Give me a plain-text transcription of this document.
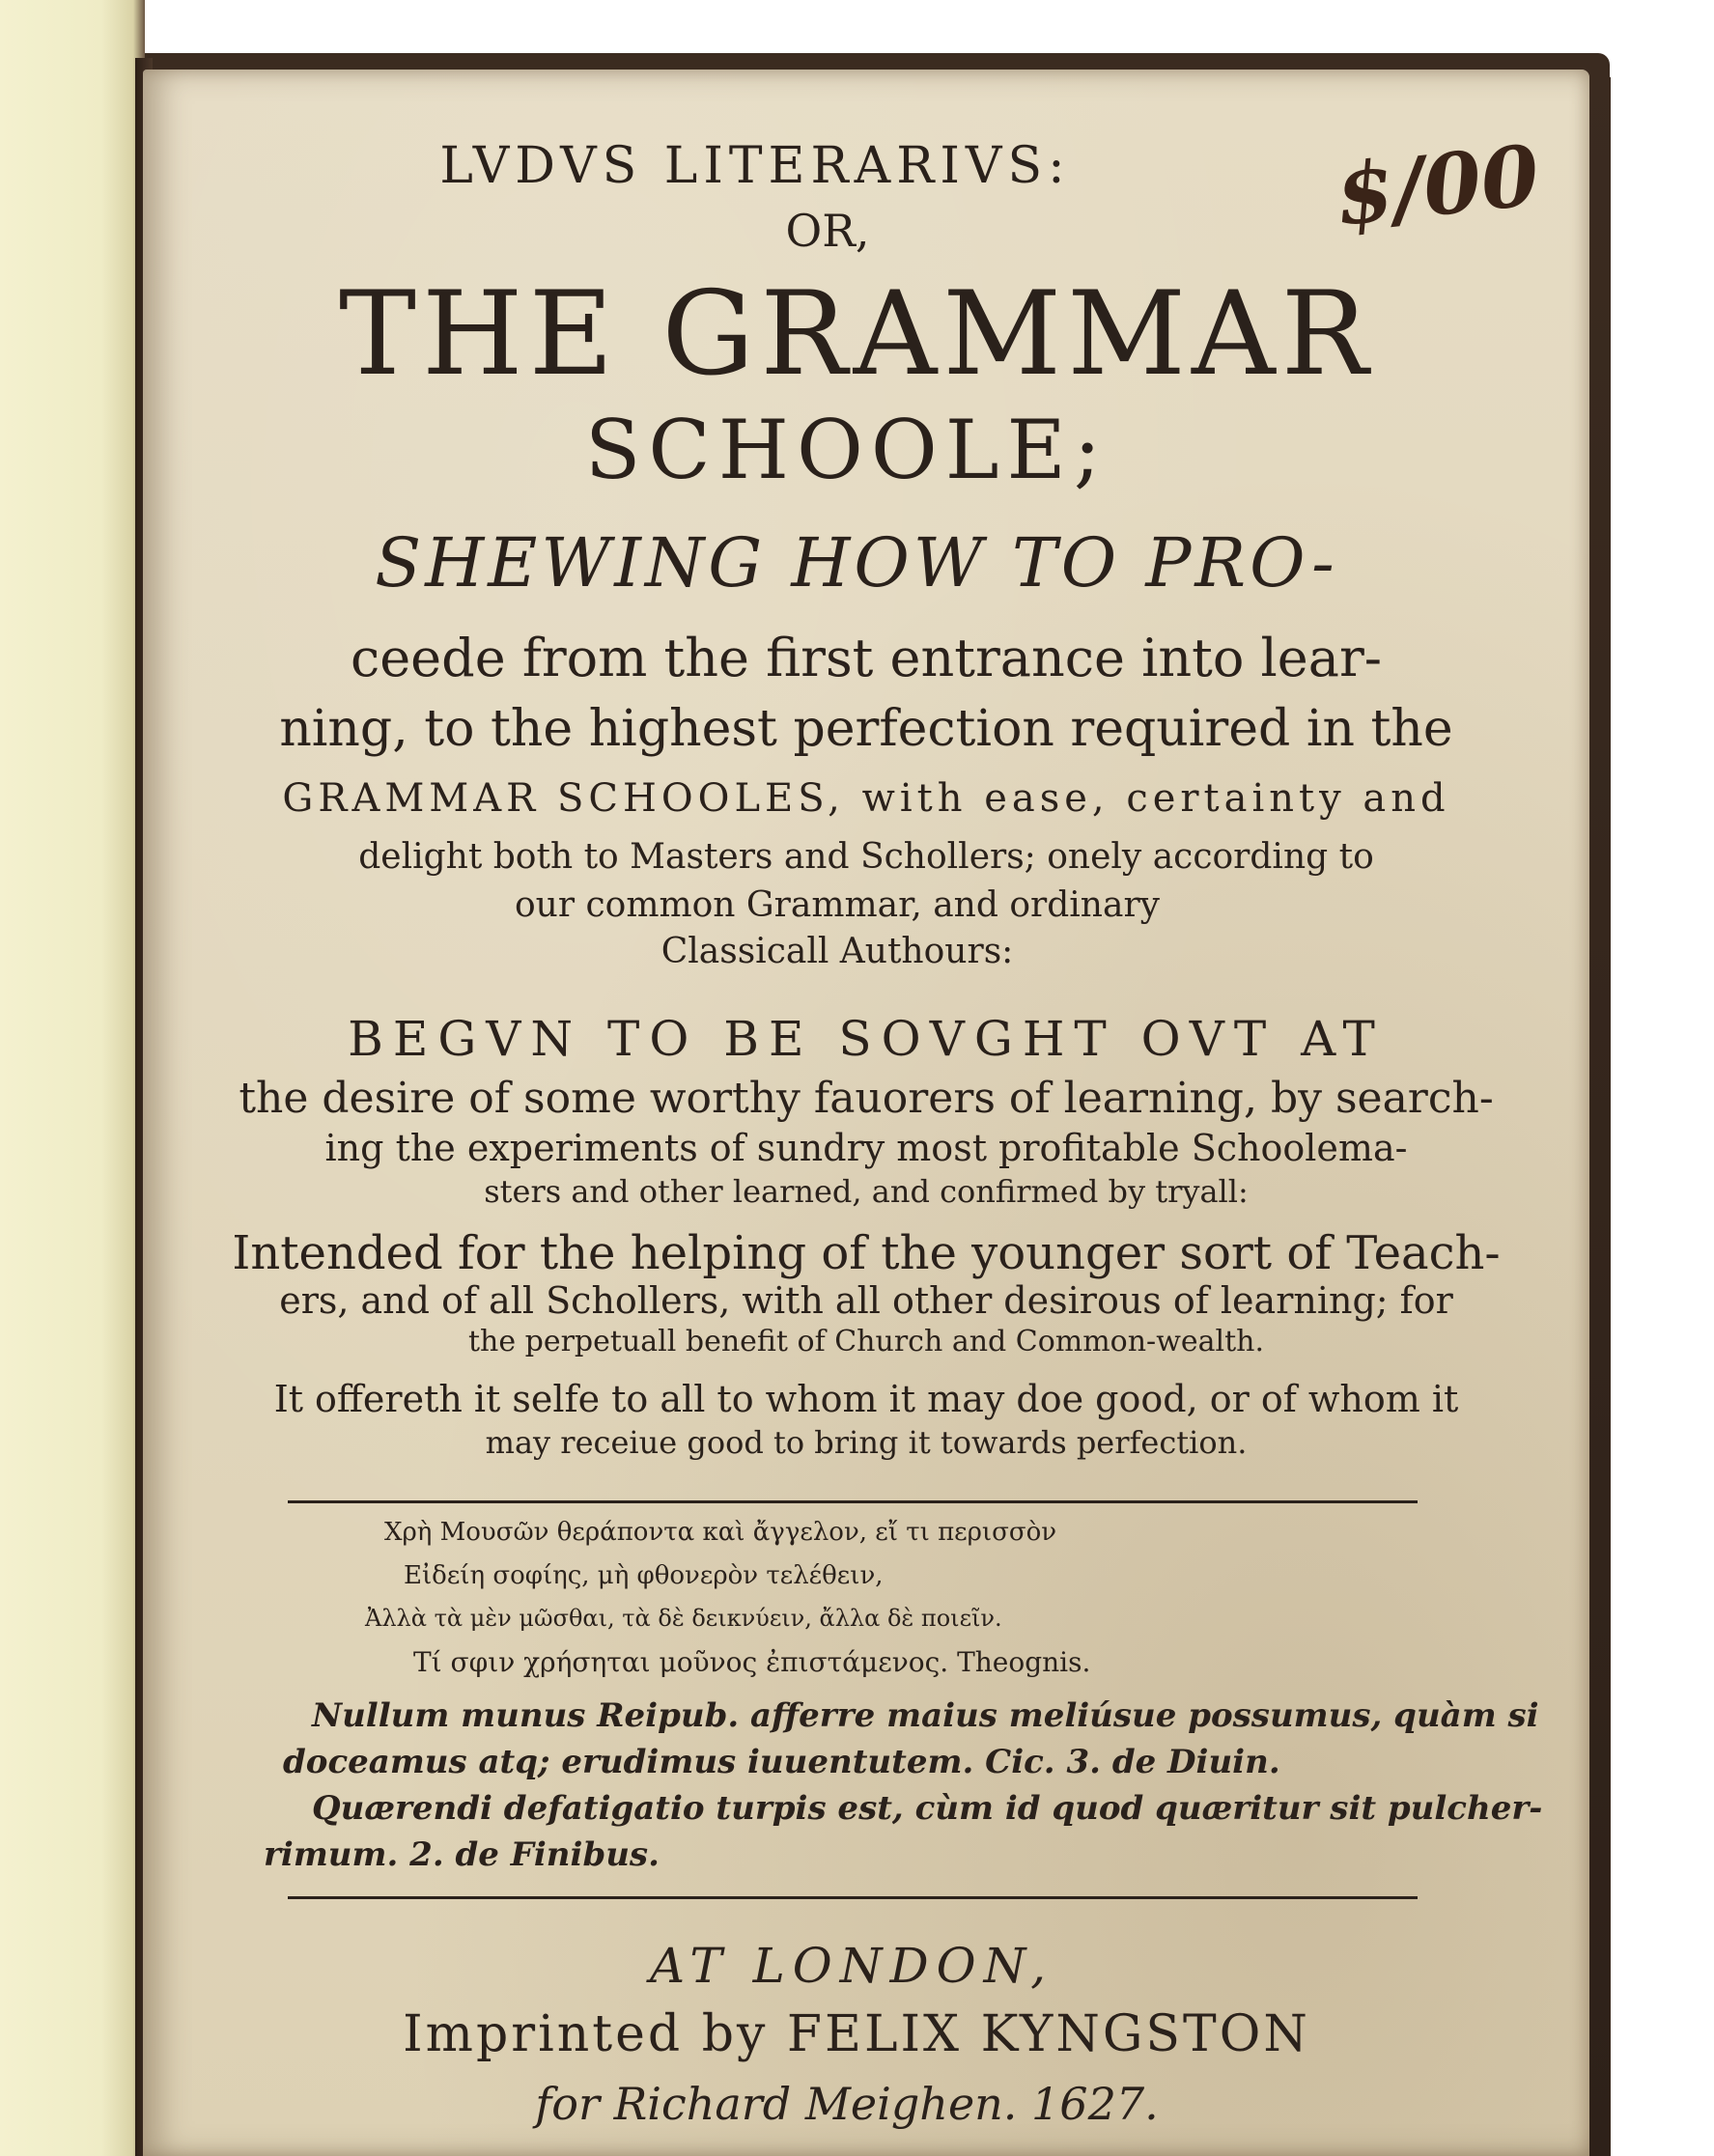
LVDVS LITERARIVS:	$/00
OR,
THE GRAMMAR
SCHOOLE;
SHEWING HOW TO PRO-
ceede from the first entrance into lear-
ning, to the highest perfection required in the
GRAMMAR SCHOOLES, with ease, certainty and
delight both to Masters and Schollers; onely according to
our common Grammar, and ordinary
Classicall Authours:
BEGVN TO BE SOVGHT OVT AT
the desire of some worthy fauorers of learning, by search-
ing the experiments of sundry most profitable Schoolema-
sters and other learned, and confirmed by tryall:
Intended for the helping of the younger sort of Teach-
ers, and of all Schollers, with all other desirous of learning; for
the perpetuall benefit of Church and Common-wealth.
It offereth it selfe to all to whom it may doe good, or of whom it
may receiue good to bring it towards perfection.
Χρὴ Μουσῶν θεράποντα καὶ ἄγγελον, εἴ τι περισσὸν
Εἰδείη σοφίης, μὴ φθονερὸν τελέθειν,
Ἀλλὰ τὰ μὲν μῶσθαι, τὰ δὲ δεικνύειν, ἄλλα δὲ ποιεῖν.
Τί σφιν χρήσηται μοῦνος ἐπιστάμενος. Theognis.
Nullum munus Reipub. afferre maius meliúsue possumus, quàm si
doceamus atq; erudimus iuuentutem. Cic. 3. de Diuin.
Quærendi defatigatio turpis est, cùm id quod quæritur sit pulcher-
rimum. 2. de Finibus.
AT LONDON,
Imprinted by FELIX KYNGSTON
for Richard Meighen. 1627.
